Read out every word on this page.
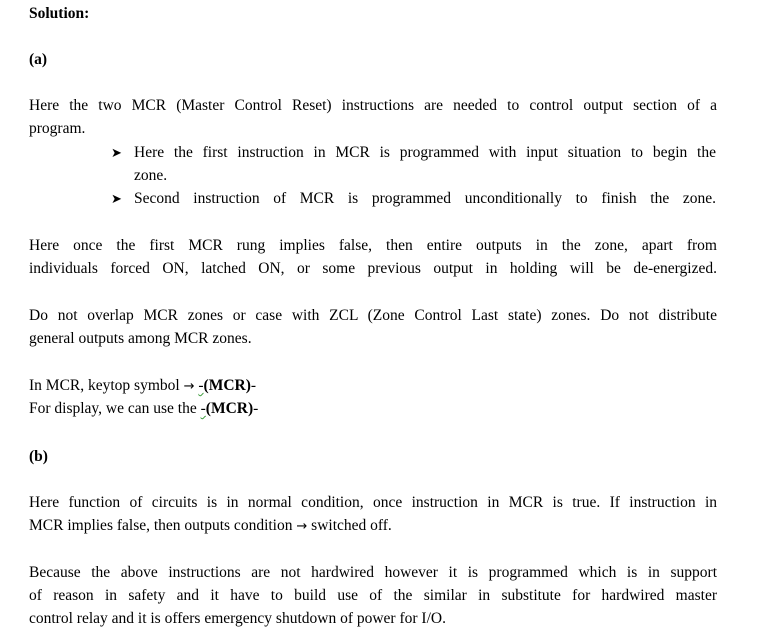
Solution:
(a)
Here the two MCR (Master Control Reset) instructions are needed to control output section of a
program.
➤ Here the first instruction in MCR is programmed with input situation to begin the
zone.
➤ Second instruction of MCR is programmed unconditionally to finish the zone.
Here once the first MCR rung implies false, then entire outputs in the zone, apart from
individuals forced ON, latched ON, or some previous output in holding will be de-energized.
Do not overlap MCR zones or case with ZCL (Zone Control Last state) zones. Do not distribute
general outputs among MCR zones.
In MCR, keytop symbol → -(MCR)-
For display, we can use the -(MCR)-
(b)
Here function of circuits is in normal condition, once instruction in MCR is true. If instruction in
MCR implies false, then outputs condition → switched off.
Because the above instructions are not hardwired however it is programmed which is in support
of reason in safety and it have to build use of the similar in substitute for hardwired master
control relay and it is offers emergency shutdown of power for I/O.
